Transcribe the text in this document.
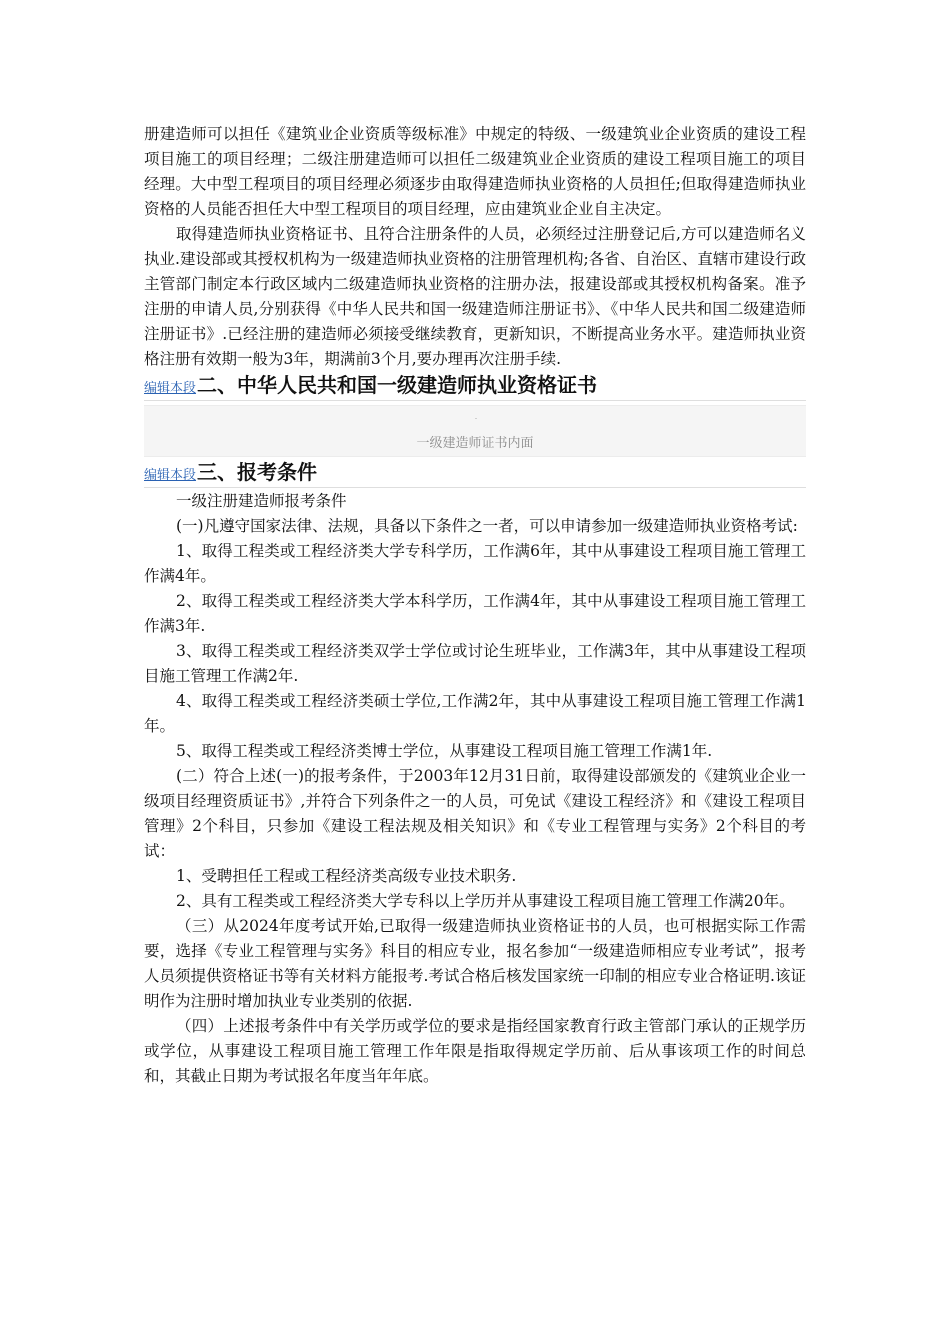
册建造师可以担任《建筑业企业资质等级标准》中规定的特级、一级建筑业企业资质的建设工程项目施工的项目经理；二级注册建造师可以担任二级建筑业企业资质的建设工程项目施工的项目经理。大中型工程项目的项目经理必须逐步由取得建造师执业资格的人员担任;但取得建造师执业资格的人员能否担任大中型工程项目的项目经理，应由建筑业企业自主决定。

取得建造师执业资格证书、且符合注册条件的人员，必须经过注册登记后,方可以建造师名义执业.建设部或其授权机构为一级建造师执业资格的注册管理机构;各省、自治区、直辖市建设行政主管部门制定本行政区域内二级建造师执业资格的注册办法，报建设部或其授权机构备案。准予注册的申请人员,分别获得《中华人民共和国一级建造师注册证书》、《中华人民共和国二级建造师注册证书》.已经注册的建造师必须接受继续教育，更新知识，不断提高业务水平。建造师执业资格注册有效期一般为3年，期满前3个月,要办理再次注册手续.

编辑本段 二、中华人民共和国一级建造师执业资格证书
一级建造师证书内面
编辑本段 三、报考条件

一级注册建造师报考条件

(一)凡遵守国家法律、法规，具备以下条件之一者，可以申请参加一级建造师执业资格考试:

1、取得工程类或工程经济类大学专科学历，工作满6年，其中从事建设工程项目施工管理工作满4年。

2、取得工程类或工程经济类大学本科学历，工作满4年，其中从事建设工程项目施工管理工作满3年.

3、取得工程类或工程经济类双学士学位或讨论生班毕业，工作满3年，其中从事建设工程项目施工管理工作满2年.

4、取得工程类或工程经济类硕士学位,工作满2年，其中从事建设工程项目施工管理工作满1年。

5、取得工程类或工程经济类博士学位，从事建设工程项目施工管理工作满1年.

(二）符合上述(一)的报考条件，于2003年12月31日前，取得建设部颁发的《建筑业企业一级项目经理资质证书》,并符合下列条件之一的人员，可免试《建设工程经济》和《建设工程项目管理》2个科目，只参加《建设工程法规及相关知识》和《专业工程管理与实务》2个科目的考试：

1、受聘担任工程或工程经济类高级专业技术职务.

2、具有工程类或工程经济类大学专科以上学历并从事建设工程项目施工管理工作满20年。

（三）从2024年度考试开始,已取得一级建造师执业资格证书的人员，也可根据实际工作需要，选择《专业工程管理与实务》科目的相应专业，报名参加“一级建造师相应专业考试”，报考人员须提供资格证书等有关材料方能报考.考试合格后核发国家统一印制的相应专业合格证明.该证明作为注册时增加执业专业类别的依据.

（四）上述报考条件中有关学历或学位的要求是指经国家教育行政主管部门承认的正规学历或学位，从事建设工程项目施工管理工作年限是指取得规定学历前、后从事该项工作的时间总和，其截止日期为考试报名年度当年年底。
